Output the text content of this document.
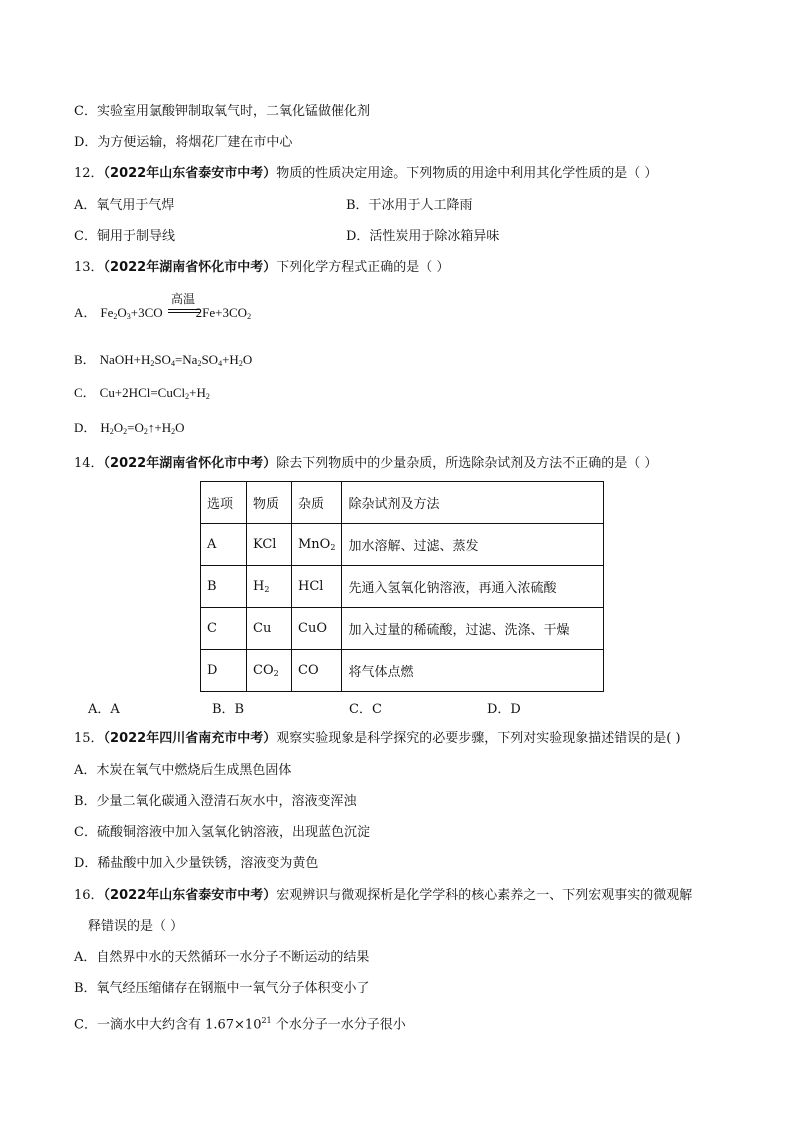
C．实验室用氯酸钾制取氧气时，二氧化锰做催化剂
D．为方便运输，将烟花厂建在市中心
12．（2022年山东省泰安市中考）物质的性质决定用途。下列物质的用途中利用其化学性质的是（ ）
A．氧气用于气焊	B．干冰用于人工降雨
C．铜用于制导线	D．活性炭用于除冰箱异味
13．（2022年湖南省怀化市中考）下列化学方程式正确的是（ ）
高温
A． $Fe_2O_3+3CO$	$2Fe+3CO_2$
B． $NaOH+H_2SO_4=Na_2SO_4+H_2O$
C． $Cu+2HCl=CuCl_2+H_2$
D． $H_2O_2=O_2↑+H_2O$
14．（2022年湖南省怀化市中考）除去下列物质中的少量杂质，所选除杂试剂及方法不正确的是（ ）
选项	物质	杂质	除杂试剂及方法
A	KCl	MnO$_2$	加水溶解、过滤、蒸发
B	$H_2$	HCl	先通入氢氧化钠溶液，再通入浓硫酸
C	Cu	CuO	加入过量的稀硫酸，过滤、洗涤、干燥
D	$CO_2$	CO	将气体点燃
A．A	B．B	C．C	D．D
15．（2022年四川省南充市中考）观察实验现象是科学探究的必要步骤，下列对实验现象描述错误的是( )
A．木炭在氧气中燃烧后生成黑色固体
B．少量二氧化碳通入澄清石灰水中，溶液变浑浊
C．硫酸铜溶液中加入氢氧化钠溶液，出现蓝色沉淀
D．稀盐酸中加入少量铁锈，溶液变为黄色
16．（2022年山东省泰安市中考）宏观辨识与微观探析是化学学科的核心素养之一、下列宏观事实的微观解
释错误的是（ ）
A．自然界中水的天然循环一水分子不断运动的结果
B．氧气经压缩储存在钢瓶中一氧气分子体积变小了
C．一滴水中大约含有 $1.67\times 10^{21}$ 个水分子一水分子很小
